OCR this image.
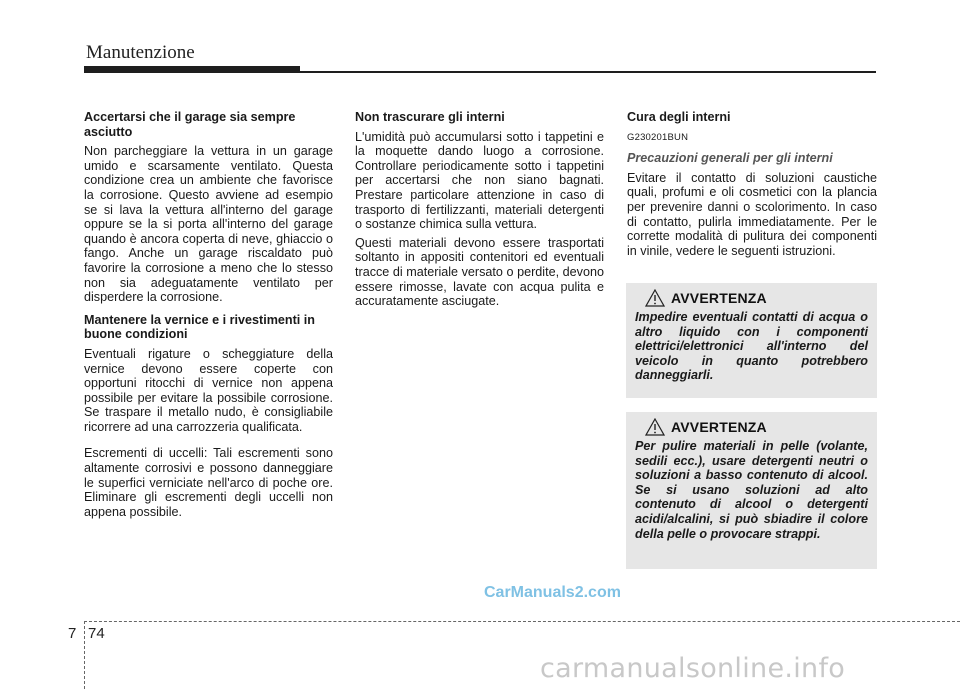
Manutenzione
Accertarsi che il garage sia sempre asciutto

Non parcheggiare la vettura in un garage umido e scarsamente ventilato. Questa condizione crea un ambiente che favorisce la corrosione. Questo avviene ad esempio se si lava la vettura all'interno del garage oppure se la si porta all'interno del garage quando è ancora coperta di neve, ghiaccio o fango. Anche un garage riscaldato può favorire la corrosione a meno che lo stesso non sia adeguatamente ventilato per disperdere la corrosione.

Mantenere la vernice e i rivestimenti in buone condizioni

Eventuali rigature o scheggiature della vernice devono essere coperte con opportuni ritocchi di vernice non appena possibile per evitare la possibile corrosione. Se traspare il metallo nudo, è consigliabile ricorrere ad una carrozzeria qualificata.

Escrementi di uccelli: Tali escrementi sono altamente corrosivi e possono danneggiare le superfici verniciate nell'arco di poche ore. Eliminare gli escrementi degli uccelli non appena possibile.

Non trascurare gli interni

L'umidità può accumularsi sotto i tappetini e la moquette dando luogo a corrosione. Controllare periodicamente sotto i tappetini per accertarsi che non siano bagnati. Prestare particolare attenzione in caso di trasporto di fertilizzanti, materiali detergenti o sostanze chimica sulla vettura.

Questi materiali devono essere trasportati soltanto in appositi contenitori ed eventuali tracce di materiale versato o perdite, devono essere rimosse, lavate con acqua pulita e accuratamente asciugate.

Cura degli interni
G230201BUN
Precauzioni generali per gli interni

Evitare il contatto di soluzioni caustiche quali, profumi e oli cosmetici con la plancia per prevenire danni o scolorimento. In caso di contatto, pulirla immediatamente. Per le corrette modalità di pulitura dei componenti in vinile, vedere le seguenti istruzioni.

AVVERTENZA
Impedire eventuali contatti di acqua o altro liquido con i componenti elettrici/elettronici all'interno del veicolo in quanto potrebbero danneggiarli.
AVVERTENZA
Per pulire materiali in pelle (volante, sedili ecc.), usare detergenti neutri o soluzioni a basso contenuto di alcool. Se si usano soluzioni ad alto contenuto di alcool o detergenti acidi/alcalini, si può sbiadire il colore della pelle o provocare strappi.
CarManuals2.com
7 74
carmanualsonline.info
